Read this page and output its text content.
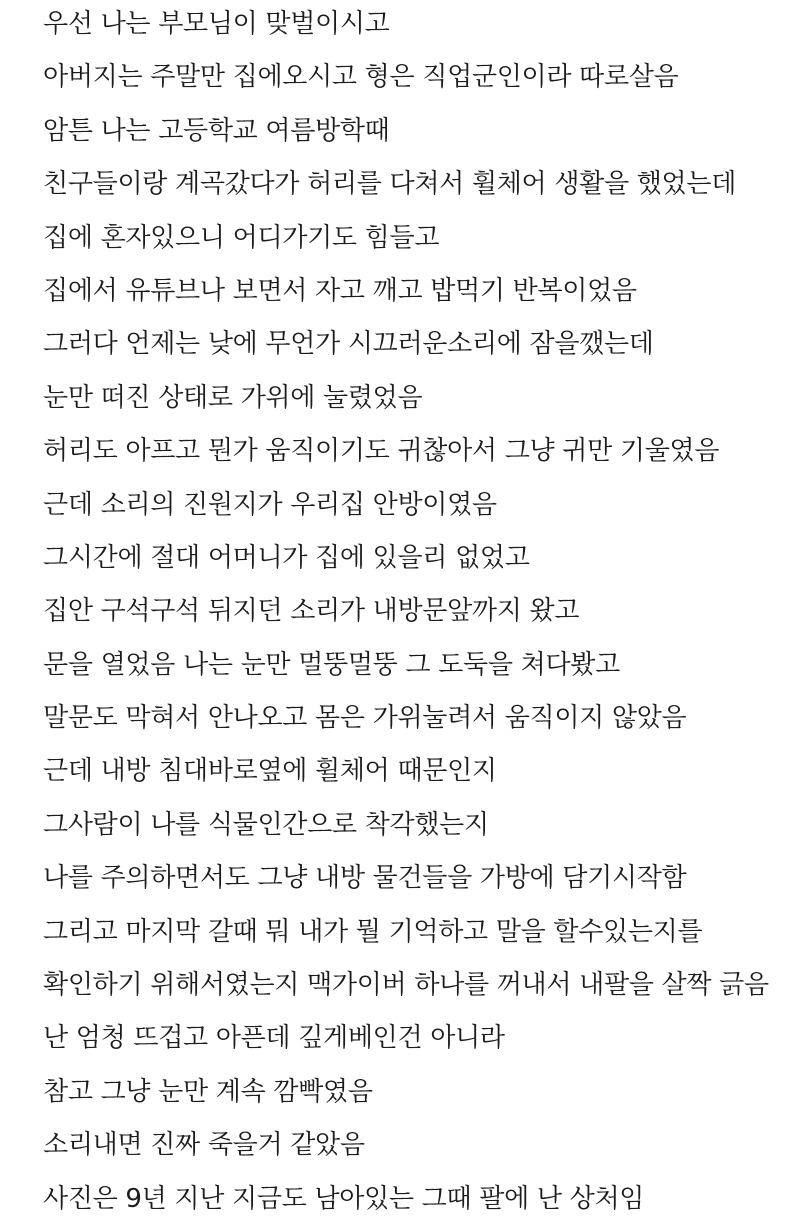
우선 나는 부모님이 맞벌이시고
아버지는 주말만 집에오시고 형은 직업군인이라 따로살음
암튼 나는 고등학교 여름방학때
친구들이랑 계곡갔다가 허리를 다쳐서 휠체어 생활을 했었는데
집에 혼자있으니 어디가기도 힘들고
집에서 유튜브나 보면서 자고 깨고 밥먹기 반복이었음
그러다 언제는 낮에 무언가 시끄러운소리에 잠을깼는데
눈만 떠진 상태로 가위에 눌렸었음
허리도 아프고 뭔가 움직이기도 귀찮아서 그냥 귀만 기울였음
근데 소리의 진원지가 우리집 안방이였음
그시간에 절대 어머니가 집에 있을리 없었고
집안 구석구석 뒤지던 소리가 내방문앞까지 왔고
문을 열었음 나는 눈만 멀뚱멀뚱 그 도둑을 쳐다봤고
말문도 막혀서 안나오고 몸은 가위눌려서 움직이지 않았음
근데 내방 침대바로옆에 휠체어 때문인지
그사람이 나를 식물인간으로 착각했는지
나를 주의하면서도 그냥 내방 물건들을 가방에 담기시작함
그리고 마지막 갈때 뭐 내가 뭘 기억하고 말을 할수있는지를
확인하기 위해서였는지 맥가이버 하나를 꺼내서 내팔을 살짝 긁음
난 엄청 뜨겁고 아픈데 깊게베인건 아니라
참고 그냥 눈만 계속 깜빡였음
소리내면 진짜 죽을거 같았음
사진은 9년 지난 지금도 남아있는 그때 팔에 난 상처임
